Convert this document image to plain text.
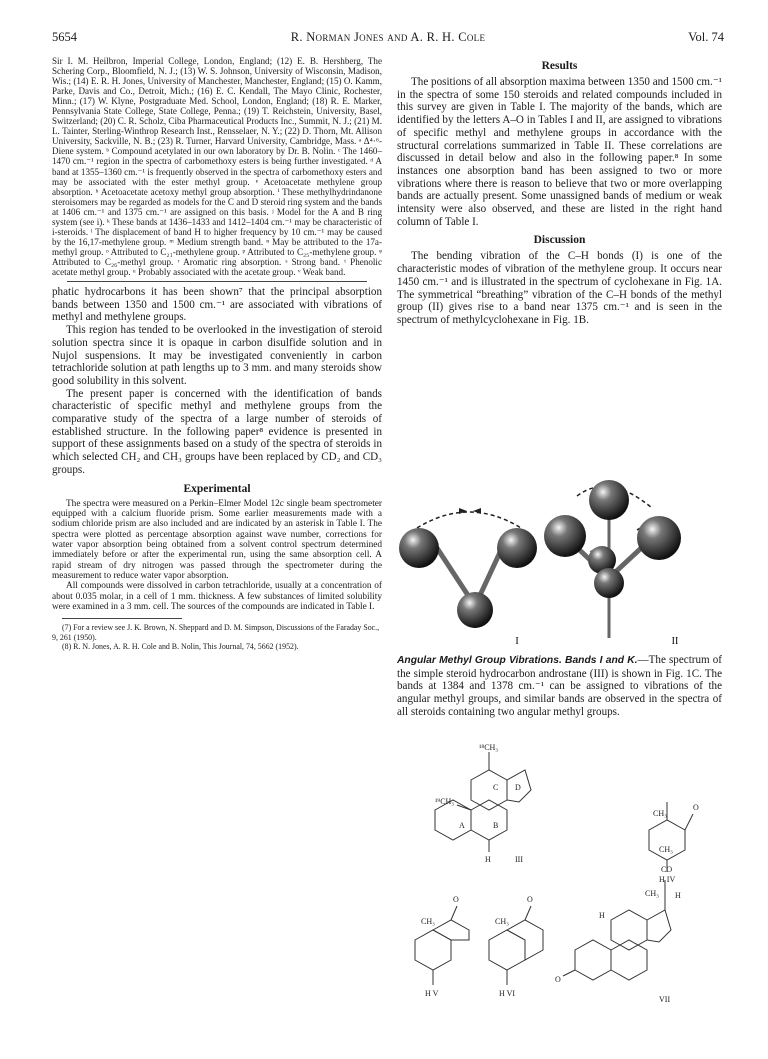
5654	R. Norman Jones and A. R. H. Cole	Vol. 74

Sir I. M. Heilbron, Imperial College, London, England; (12) E. B. Hershberg, The Schering Corp., Bloomfield, N. J.; (13) W. S. Johnson, University of Wisconsin, Madison, Wis.; (14) E. R. H. Jones, University of Manchester, Manchester, England; (15) O. Kamm, Parke, Davis and Co., Detroit, Mich.; (16) E. C. Kendall, The Mayo Clinic, Rochester, Minn.; (17) W. Klyne, Postgraduate Med. School, London, England; (18) R. E. Marker, Pennsylvania State College, State College, Penna.; (19) T. Reichstein, University, Basel, Switzerland; (20) C. R. Scholz, Ciba Pharmaceutical Products Inc., Summit, N. J.; (21) M. L. Tainter, Sterling-Winthrop Research Inst., Rensselaer, N. Y.; (22) D. Thorn, Mt. Allison University, Sackville, N. B.; (23) R. Turner, Harvard University, Cambridge, Mass. ᵃ Δ⁴·⁶-Diene system. ᵇ Compound acetylated in our own laboratory by Dr. B. Nolin. ᶜ The 1460–1470 cm.⁻¹ region in the spectra of carbomethoxy esters is being further investigated. ᵈ A band at 1355–1360 cm.⁻¹ is frequently observed in the spectra of carbomethoxy esters and may be associated with the ester methyl group. ᵉ Acetoacetate methylene group absorption. ʰ Acetoacetate acetoxy methyl group absorption. ⁱ These methylhydrindanone steroisomers may be regarded as models for the C and D steroid ring system and the bands at 1406 cm.⁻¹ and 1375 cm.⁻¹ are assigned on this basis. ʲ Model for the A and B ring system (see i). ᵏ These bands at 1436–1433 and 1412–1404 cm.⁻¹ may be characteristic of i-steroids. ˡ The displacement of band H to higher frequency by 10 cm.⁻¹ may be caused by the 16,17-methylene group. ᵐ Medium strength band. ⁿ May be attributed to the 17a-methyl group. ᵒ Attributed to C₂₁-methylene group. ᵖ Attributed to C₂₅-methylene group. ᵠ Attributed to C₂₆-methyl group. ʳ Aromatic ring absorption. ˢ Strong band. ᵗ Phenolic acetate methyl group. ᵘ Probably associated with the acetate group. ᵛ Weak band.

phatic hydrocarbons it has been shown⁷ that the principal absorption bands between 1350 and 1500 cm.⁻¹ are associated with vibrations of methyl and methylene groups.

This region has tended to be overlooked in the investigation of steroid solution spectra since it is opaque in carbon disulfide solution and in Nujol suspensions. It may be investigated conveniently in carbon tetrachloride solution at path lengths up to 3 mm. and many steroids show good solubility in this solvent.

The present paper is concerned with the identification of bands characteristic of specific methyl and methylene groups from the comparative study of the spectra of a large number of steroids of established structure. In the following paper⁸ evidence is presented in support of these assignments based on a study of the spectra of steroids in which selected CH₂ and CH₃ groups have been replaced by CD₂ and CD₃ groups.

Experimental

The spectra were measured on a Perkin–Elmer Model 12c single beam spectrometer equipped with a calcium fluoride prism. Some earlier measurements made with a sodium chloride prism are also included and are indicated by an asterisk in Table I. The spectra were plotted as percentage absorption against wave number, corrections for water vapor absorption being obtained from a solvent control spectrum determined immediately before or after the experimental run, using the same absorption cell. A rapid stream of dry nitrogen was passed through the spectrometer during the measurement to reduce water vapor absorption.

All compounds were dissolved in carbon tetrachloride, usually at a concentration of about 0.035 molar, in a cell of 1 mm. thickness. A few substances of limited solubility were examined in a 3 mm. cell. The sources of the compounds are indicated in Table I.

(7) For a review see J. K. Brown, N. Sheppard and D. M. Simpson, Discussions of the Faraday Soc., 9, 261 (1950).

(8) R. N. Jones, A. R. H. Cole and B. Nolin, This Journal, 74, 5662 (1952).

Results

The positions of all absorption maxima between 1350 and 1500 cm.⁻¹ in the spectra of some 150 steroids and related compounds included in this survey are given in Table I. The majority of the bands, which are identified by the letters A–O in Tables I and II, are assigned to vibrations of specific methyl and methylene groups in accordance with the structural correlations summarized in Table II. These correlations are discussed in detail below and also in the following paper.⁸ In some instances one absorption band has been assigned to two or more vibrations where there is reason to believe that two or more overlapping bands are actually present. Some unassigned bands of medium or weak intensity were also observed, and these are listed in the right hand column of Table I.

Discussion

The bending vibration of the C–H bonds (I) is one of the characteristic modes of vibration of the methylene group. It occurs near 1450 cm.⁻¹ and is illustrated in the spectrum of cyclohexane in Fig. 1A. The symmetrical “breathing” vibration of the C–H bonds of the methyl group (II) gives rise to a band near 1375 cm.⁻¹ and is seen in the spectrum of methylcyclohexane in Fig. 1B.

I	II

Angular Methyl Group Vibrations. Bands I and K.—The spectrum of the simple steroid hydrocarbon androstane (III) is shown in Fig. 1C. The bands at 1384 and 1378 cm.⁻¹ can be assigned to vibrations of the angular methyl groups, and similar bands are observed in the spectra of all steroids containing two angular methyl groups.

¹⁸CH₃
¹⁹CH₃
H	III
A	B
C D
O
CH₃
H IV
O
CH₃
H V
O
CH₃
H VI
CH₃
CO
CH₃ H
H
O
VII
